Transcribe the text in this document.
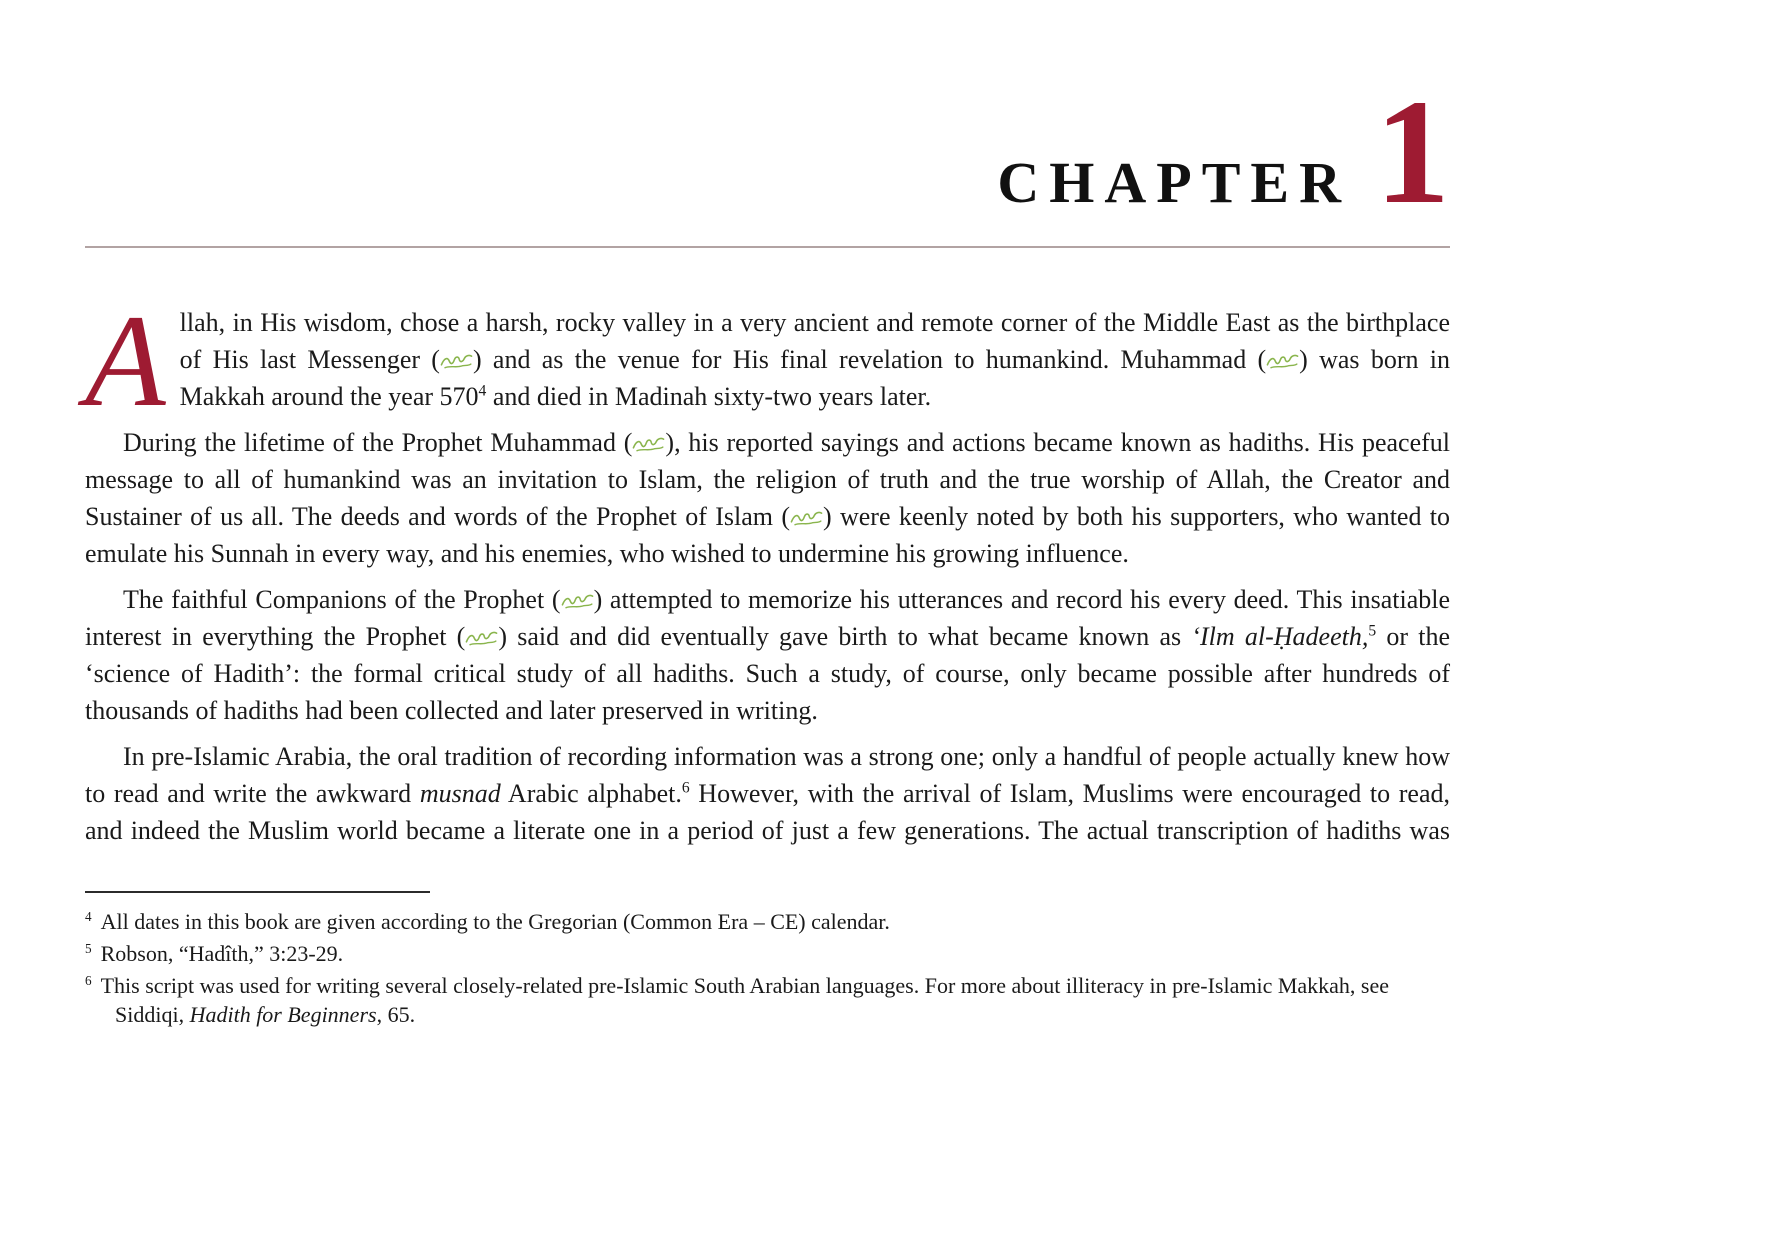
CHAPTER 1

Allah, in His wisdom, chose a harsh, rocky valley in a very ancient and remote corner of the Middle East as the birthplace of His last Messenger ( ) and as the venue for His final revelation to humankind. Muhammad ( ) was born in Makkah around the year $570^4$ and died in Madinah sixty-two years later.

During the lifetime of the Prophet Muhammad ( ), his reported sayings and actions became known as hadiths. His peaceful message to all of humankind was an invitation to Islam, the religion of truth and the true worship of Allah, the Creator and Sustainer of us all. The deeds and words of the Prophet of Islam ( ) were keenly noted by both his supporters, who wanted to emulate his Sunnah in every way, and his enemies, who wished to undermine his growing influence.

The faithful Companions of the Prophet ( ) attempted to memorize his utterances and record his every deed. This insatiable interest in everything the Prophet ( ) said and did eventually gave birth to what became known as ‘Ilm al-Ḥadeeth,$^5$ or the ‘science of Hadith’: the formal critical study of all hadiths. Such a study, of course, only became possible after hundreds of thousands of hadiths had been collected and later preserved in writing.

In pre-Islamic Arabia, the oral tradition of recording information was a strong one; only a handful of people actually knew how to read and write the awkward musnad Arabic alphabet.$^6$ However, with the arrival of Islam, Muslims were encouraged to read, and indeed the Muslim world became a literate one in a period of just a few generations. The actual transcription of hadiths was

$^4$ All dates in this book are given according to the Gregorian (Common Era – CE) calendar.
$^5$ Robson, “Hadîth,” 3:23-29.
$^6$ This script was used for writing several closely-related pre-Islamic South Arabian languages. For more about illiteracy in pre-Islamic Makkah, see Siddiqi, Hadith for Beginners, 65.
